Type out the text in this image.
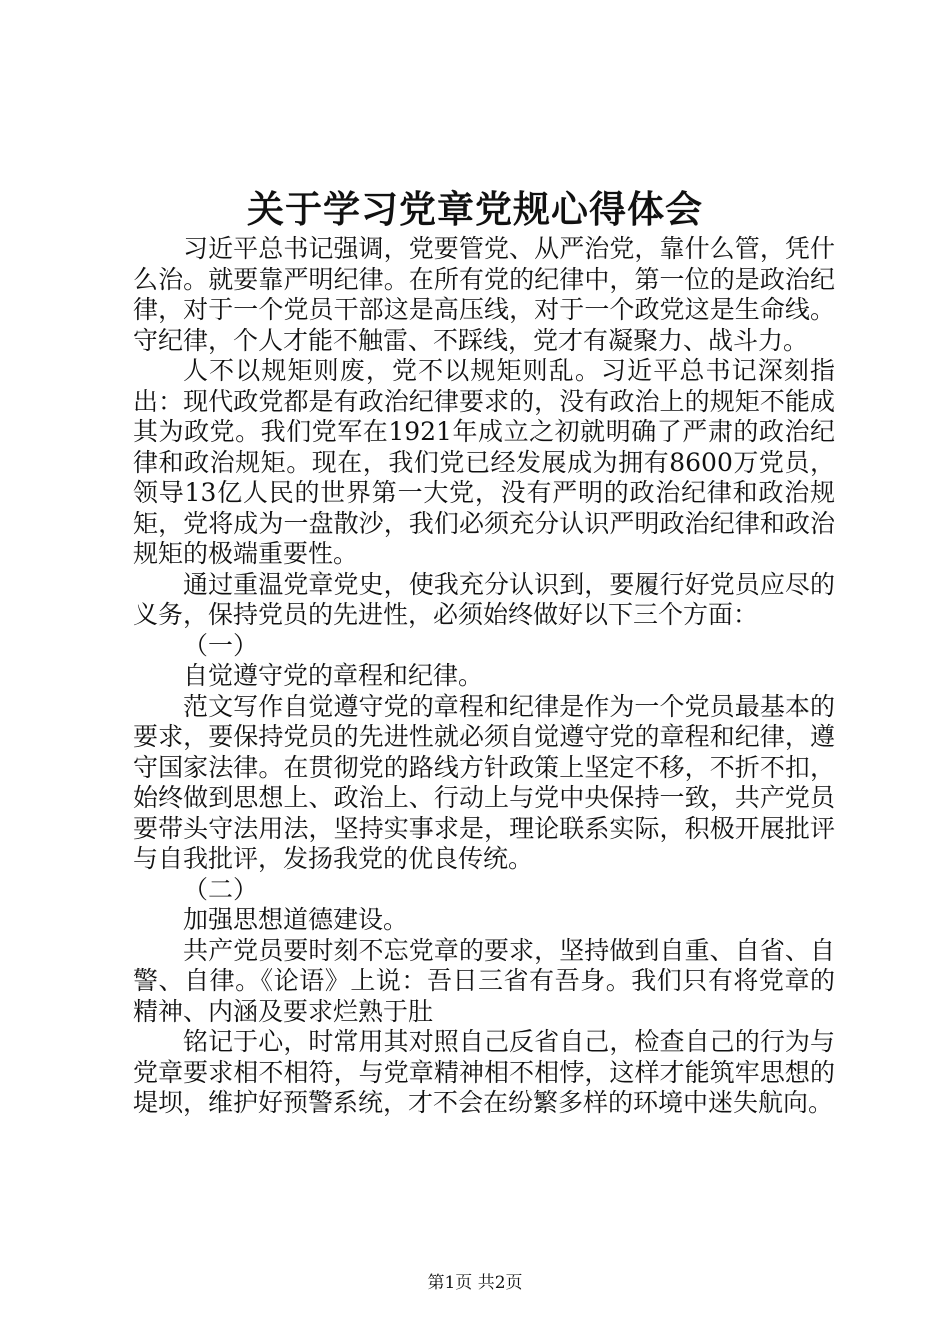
关于学习党章党规心得体会

习近平总书记强调，党要管党、从严治党，靠什么管，凭什么治。就要靠严明纪律。在所有党的纪律中，第一位的是政治纪律，对于一个党员干部这是高压线，对于一个政党这是生命线。守纪律，个人才能不触雷、不踩线，党才有凝聚力、战斗力。

人不以规矩则废，党不以规矩则乱。习近平总书记深刻指出：现代政党都是有政治纪律要求的，没有政治上的规矩不能成其为政党。我们党军在1921年成立之初就明确了严肃的政治纪律和政治规矩。现在，我们党已经发展成为拥有8600万党员，领导13亿人民的世界第一大党，没有严明的政治纪律和政治规矩，党将成为一盘散沙，我们必须充分认识严明政治纪律和政治规矩的极端重要性。

通过重温党章党史，使我充分认识到，要履行好党员应尽的义务，保持党员的先进性，必须始终做好以下三个方面：

（一）

自觉遵守党的章程和纪律。

范文写作自觉遵守党的章程和纪律是作为一个党员最基本的要求，要保持党员的先进性就必须自觉遵守党的章程和纪律，遵守国家法律。在贯彻党的路线方针政策上坚定不移，不折不扣，始终做到思想上、政治上、行动上与党中央保持一致，共产党员要带头守法用法，坚持实事求是，理论联系实际，积极开展批评与自我批评，发扬我党的优良传统。

（二）

加强思想道德建设。

共产党员要时刻不忘党章的要求，坚持做到自重、自省、自警、自律。《论语》上说：吾日三省有吾身。我们只有将党章的精神、内涵及要求烂熟于肚

铭记于心，时常用其对照自己反省自己，检查自己的行为与党章要求相不相符，与党章精神相不相悖，这样才能筑牢思想的堤坝，维护好预警系统，才不会在纷繁多样的环境中迷失航向。

第1页 共2页
